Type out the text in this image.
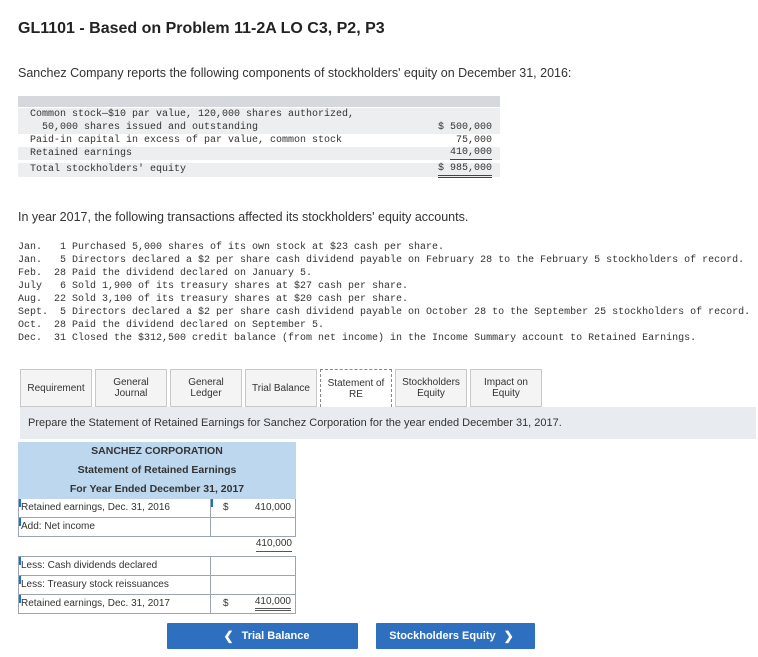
GL1101 - Based on Problem 11-2A LO C3, P2, P3
Sanchez Company reports the following components of stockholders' equity on December 31, 2016:
Common stock—$10 par value, 120,000 shares authorized,
50,000 shares issued and outstanding	$ 500,000
Paid-in capital in excess of par value, common stock	75,000
Retained earnings	410,000
Total stockholders' equity	$ 985,000
In year 2017, the following transactions affected its stockholders' equity accounts.
Jan.	1 Purchased 5,000 shares of its own stock at $23 cash per share.
Jan.	5 Directors declared a $2 per share cash dividend payable on February 28 to the February 5 stockholders of record.
Feb.	28 Paid the dividend declared on January 5.
July	6 Sold 1,900 of its treasury shares at $27 cash per share.
Aug.	22 Sold 3,100 of its treasury shares at $20 cash per share.
Sept.	5 Directors declared a $2 per share cash dividend payable on October 28 to the September 25 stockholders of record.
Oct.	28 Paid the dividend declared on September 5.
Dec.	31 Closed the $312,500 credit balance (from net income) in the Income Summary account to Retained Earnings.
Requirement	General Journal
General Ledger	Trial Balance	Statement of RE
Stockholders Equity
Impact on Equity
Prepare the Statement of Retained Earnings for Sanchez Corporation for the year ended December 31, 2017.
SANCHEZ CORPORATION
Statement of Retained Earnings
For Year Ended December 31, 2017
Retained earnings, Dec. 31, 2016	$	410,000
Add: Net income
410,000
Less: Cash dividends declared
Less: Treasury stock reissuances
Retained earnings, Dec. 31, 2017	$	410,000
❮ Trial Balance	Stockholders Equity ❯
